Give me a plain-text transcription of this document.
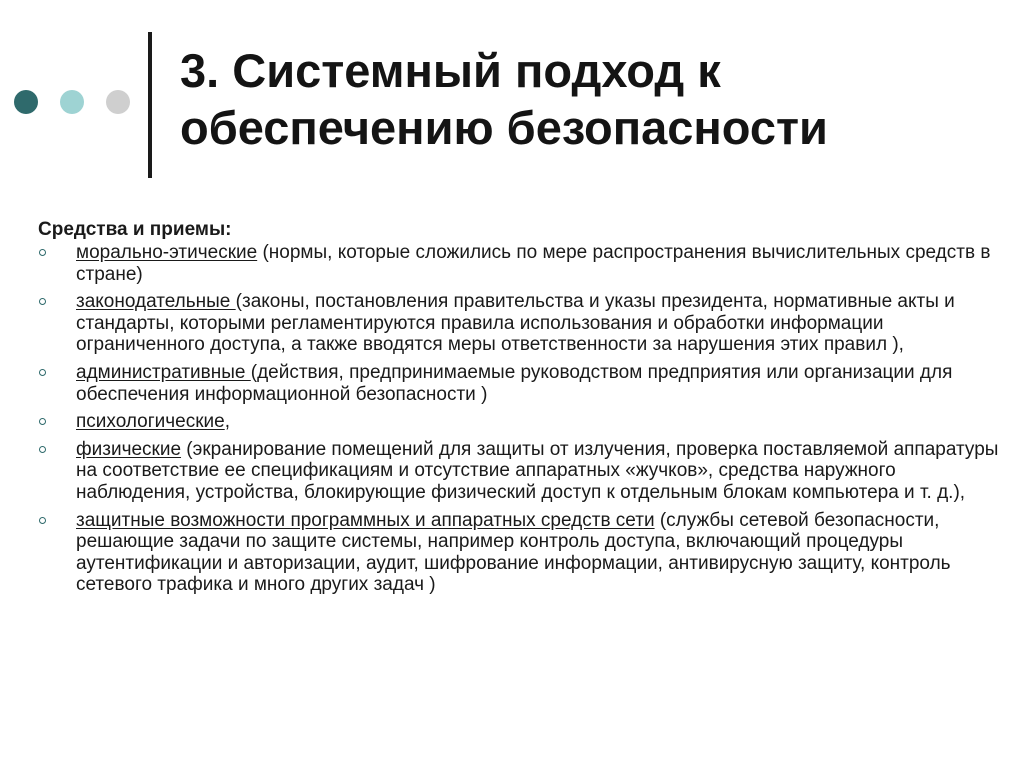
3. Системный подход к обеспечению безопасности

Средства и приемы:

морально-этические (нормы, которые сложились по мере распространения вычислительных средств в стране)
законодательные (законы, постановления правительства и указы президента, нормативные акты и стандарты, которыми регламентируются правила использования и обработки информации ограниченного доступа, а также вводятся меры ответственности за нарушения этих правил ),
административные (действия, предпринимаемые руководством предприятия или организации для обеспечения информационной безопасности )
психологические,
физические (экранирование помещений для защиты от излучения, проверка поставляемой аппаратуры на соответствие ее спецификациям и отсутствие аппаратных «жучков», средства наружного наблюдения, устройства, блокирующие физический доступ к отдельным блокам компьютера и т. д.),
защитные возможности программных и аппаратных средств сети (службы сетевой безопасности, решающие задачи по защите системы, например контроль доступа, включающий процедуры аутентификации и авторизации, аудит, шифрование информации, антивирусную защиту, контроль сетевого трафика и много других задач )
